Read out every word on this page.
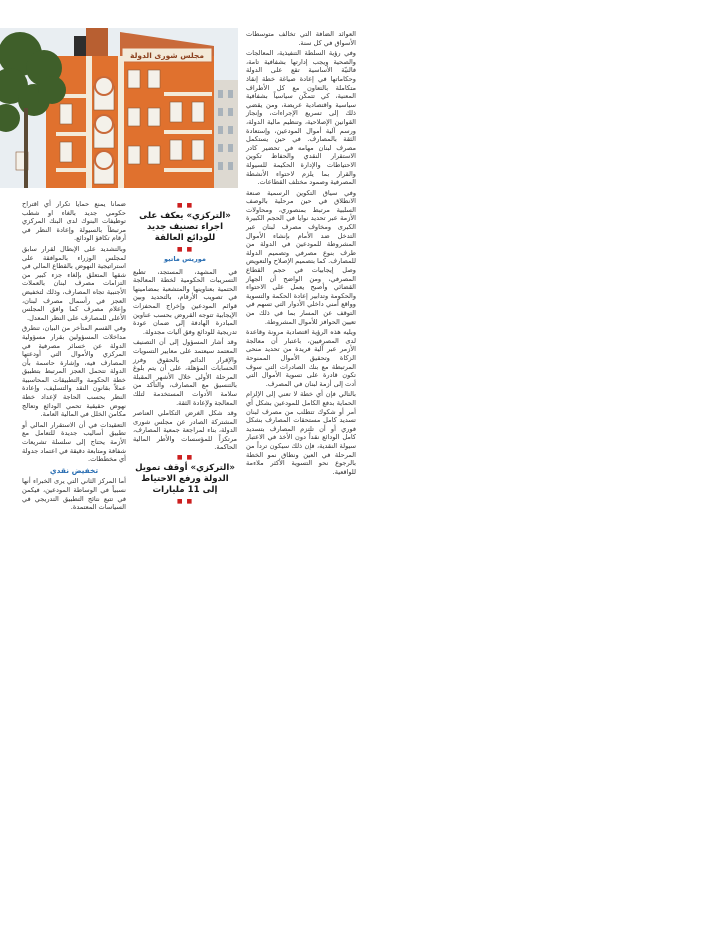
مجلس شورى الدولة

العوائد الضافة التي تخالف متوسطات الأسواق في كل سنة.

وفي رؤية السلطة التنفيذية، المعالجات والصحية ويجب إدارتها بشفافية تامة، فالنيّة الأساسية تقع على الدولة وحكاماتها في إعادة صياغة خطة إنقاذ متكاملة بالتعاون مع كل الأطراف المعنية، كي تتمكّن سياسياً بشفافية سياسية واقتصادية عريضة، ومن يقضي ذلك إلى تسريع الإجراءات، وإنجاز القوانين الإصلاحية، وتنظيم مالية الدولة، ورسم آلية أموال المودعين، وإستعادة الثقة بالمصارف. في حين يستكمل مصرف لبنان مهامه في تحضير كادر الاستقرار النقدي والحفاظ تكوين الاحتياطات والإدارة الحكيمة للسيولة والقرار بما يلزم لاحتواء الأنشطة المصرفية وصمود مختلف القطاعات.

وفي سياق التكوين الرسمية صنعة الانطلاق في حين مرحلية بالوصف السلبية مرتبط بمنصوري، ومحاولات الأزمة عبر تحديد نوايا في الحجم الكبيرة الكبرى ومخاوف مصرف لبنان عبر التدخل ضد الأمام بإنشاء الأموال المشروطة للمودعين في الدولة من طرف بنوع مصرفي وتصميم الدولة للمصارف. كما بتصميم الإصلاح والتعويض وصل إيجابيات في حجم القطاع المصرفي، ومن الواضح أن الجهاز القضائي وأصبح يعمل على الاحتواء والحكومة وتدابير إعادة الحكمة والتسوية وواقع أمني داخلي الأدوار التي تسهم في التوقف عن المسار بما في ذلك من تعيين الحوافز للأموال المشروطة.

ويليه هذه الرؤية اقتصادية مرونة وقاعدة لدى المصرفيين، باعتبار أن معالجة الأزمر عبر آلية فريدة من تحديد منحى الزكاة وتحقيق الأموال الممنوحة المرتبطة مع بنك الصادرات التي سوف تكون قادرة على تسوية الأموال التي أدت إلى أزمة لبنان في المصرف.

بالتالي فإن أي خطة لا تعني إلى الإلزام الحماية بدفع الكامل للمودعين بشكل أي أمر أو شكوك تتطلب من مصرف لبنان تسديد كامل مستحقات المصارف بشكل فوري أو أن تلتزم المصارف بتسديد كامل الودائع نقداً دون الأخذ في الاعتبار سيولة النقدية، فإن ذلك سيكون ترداً من المرحلة في العين ونطاق نمو الخطة بالرجوع نحو التسوية الأكثر ملاءمة للواقعية.

■ ■
«التركزي» يعكف على اجراء تصنيف جديد للودائع العالقة
■ ■
موريس ماتيو

في المشهد، المستجد، تطبع التسريبات الحكومية لخطة المعالجة الحتمية بعناوينها والمتشعبة بمضامينها في تصويب الأرقام، بالتحديد وبين قوائم المودعين وإخراج المحفزات الإيجابية تتوجه القروض بحسب عناوين المبادرة الهادفة إلى ضمان عودة تدريجية للودائع وفق آليات مجدولة.

وقد أشار المسؤول إلى أن التصنيف المعتمد سيعتمد على معايير التسويات والإقرار الدائم بالحقوق وفرز الحسابات المؤهلة، على أن يتم بلوغ المرحلة الأولى خلال الأشهر المقبلة بالتنسيق مع المصارف، والتأكد من سلامة الأدوات المستخدمة لتلك المعالجة ولإعادة الثقة.

وقد شكل الغرض التكاملي العناصر المشتركة الصادر عن مجلس شورى الدولة، بناء لمراجعة جمعية المصارف، مرتكزاً للمؤسسات والأطر المالية الحاكمة.

■ ■
«التركزي» أوقف تمويل الدولة ورفع الاحتياط إلى 11 مليارات
■ ■

ضمانا يمنع حمايا تكرار أي اقتراح حكومي جديد بالغاء او شطب توظيفات البنوك لدى البنك المركزي مرتبطاً بالسيولة وإعادة النظر في أرقام تكافؤ الودائع.

وبالتشديد على الإبطال لقرار سابق لمجلس الوزراء بالموافقة على استراتيجية النهوض بالقطاع المالي في شقها المتعلق بإلغاء جزء كبير من التزامات مصرف لبنان بالعملات الأجنبية تجاه المصارف، وذلك لتخفيض العجز في رأسمال مصرف لبنان، وإعلام مصرف كما وافق المجلس الأعلى للمصارف على النظر المعدل.

وفي القسم المتأخر من البيان، تنطرق مداخلات المسؤولين بقرار مسؤولية الدولة عن خسائر مصرفية في المركزي والأموال التي أودعتها المصارف فيه، وإشارة حاسمة بأن الدولة تتحمل العجز المرتبط بتطبيق خطة الحكومة والتطبيقات المحاسبية عملاً بقانون النقد والتسليف، وإعادة النظر بحسب الحاجة لإعداد خطة نهوض حقيقية تحمي الودائع وتعالج مكامن الخلل في المالية العامة.

التعقيدات في أن الاستقرار المالي أو تطبيق أساليب جديدة للتعامل مع الأزمة يحتاج إلى سلسلة تشريعات شفافة ومتابعة دقيقة في اعتماد جدولة أي مخططات.

تخفيض نقدي

أما المركز الثاني التي يرى الخبراء أنها نسبياً في الوساطة المودعين، فيكمن في تتبع نتائج التطبيق التدريجي في السياسات المعتمدة.
